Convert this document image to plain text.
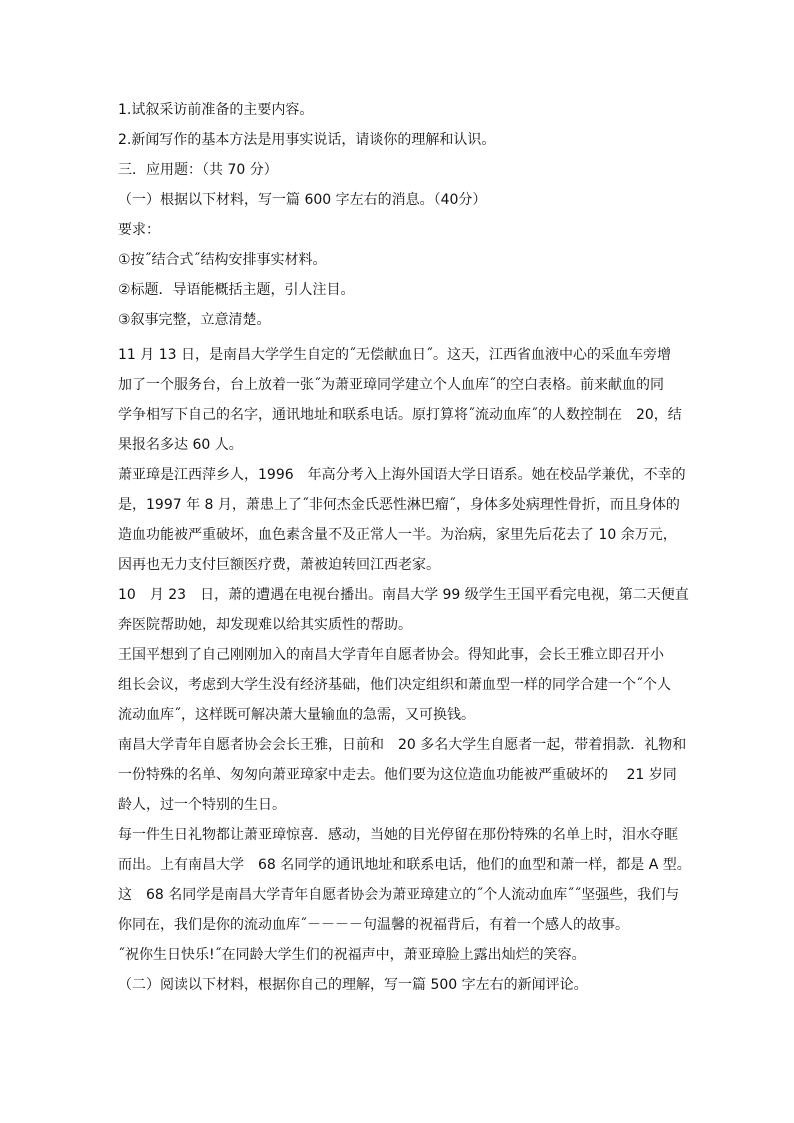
1.试叙采访前准备的主要内容。
2.新闻写作的基本方法是用事实说话，请谈你的理解和认识。
三．应用题：（共 70 分）
（一）根据以下材料，写一篇 600 字左右的消息。（40分）
要求：
①按˝结合式˝结构安排事实材料。
②标题．导语能概括主题，引人注目。
③叙事完整，立意清楚。
11 月 13 日，是南昌大学学生自定的˝无偿献血日˝。这天，江西省血液中心的采血车旁增
加了一个服务台，台上放着一张˝为萧亚璋同学建立个人血库˝的空白表格。前来献血的同
学争相写下自己的名字，通讯地址和联系电话。原打算将˝流动血库˝的人数控制在　20，结
果报名多达 60 人。
萧亚璋是江西萍乡人，1996　年高分考入上海外国语大学日语系。她在校品学兼优，不幸的
是，1997 年 8 月，萧患上了˝非何杰金氏恶性淋巴瘤˝，身体多处病理性骨折，而且身体的
造血功能被严重破坏，血色素含量不及正常人一半。为治病，家里先后花去了 10 余万元，
因再也无力支付巨额医疗费，萧被迫转回江西老家。
10　月 23　日，萧的遭遇在电视台播出。南昌大学 99 级学生王国平看完电视，第二天便直
奔医院帮助她，却发现难以给其实质性的帮助。
王国平想到了自己刚刚加入的南昌大学青年自愿者协会。得知此事，会长王雅立即召开小
组长会议，考虑到大学生没有经济基础，他们决定组织和萧血型一样的同学合建一个˝个人
流动血库˝，这样既可解决萧大量输血的急需，又可换钱。
南昌大学青年自愿者协会会长王雅，日前和　20 多名大学生自愿者一起，带着捐款．礼物和
一份特殊的名单、匆匆向萧亚璋家中走去。他们要为这位造血功能被严重破坏的　 21 岁同
龄人，过一个特别的生日。
每一件生日礼物都让萧亚璋惊喜．感动，当她的目光停留在那份特殊的名单上时，泪水夺眶
而出。上有南昌大学　68 名同学的通讯地址和联系电话，他们的血型和萧一样，都是 A 型。
这　68 名同学是南昌大学青年自愿者协会为萧亚璋建立的˝个人流动血库˝˝坚强些，我们与
你同在，我们是你的流动血库˝－－－－句温馨的祝福背后，有着一个感人的故事。
˝祝你生日快乐!˝在同龄大学生们的祝福声中，萧亚璋脸上露出灿烂的笑容。
（二）阅读以下材料，根据你自己的理解，写一篇 500 字左右的新闻评论。
